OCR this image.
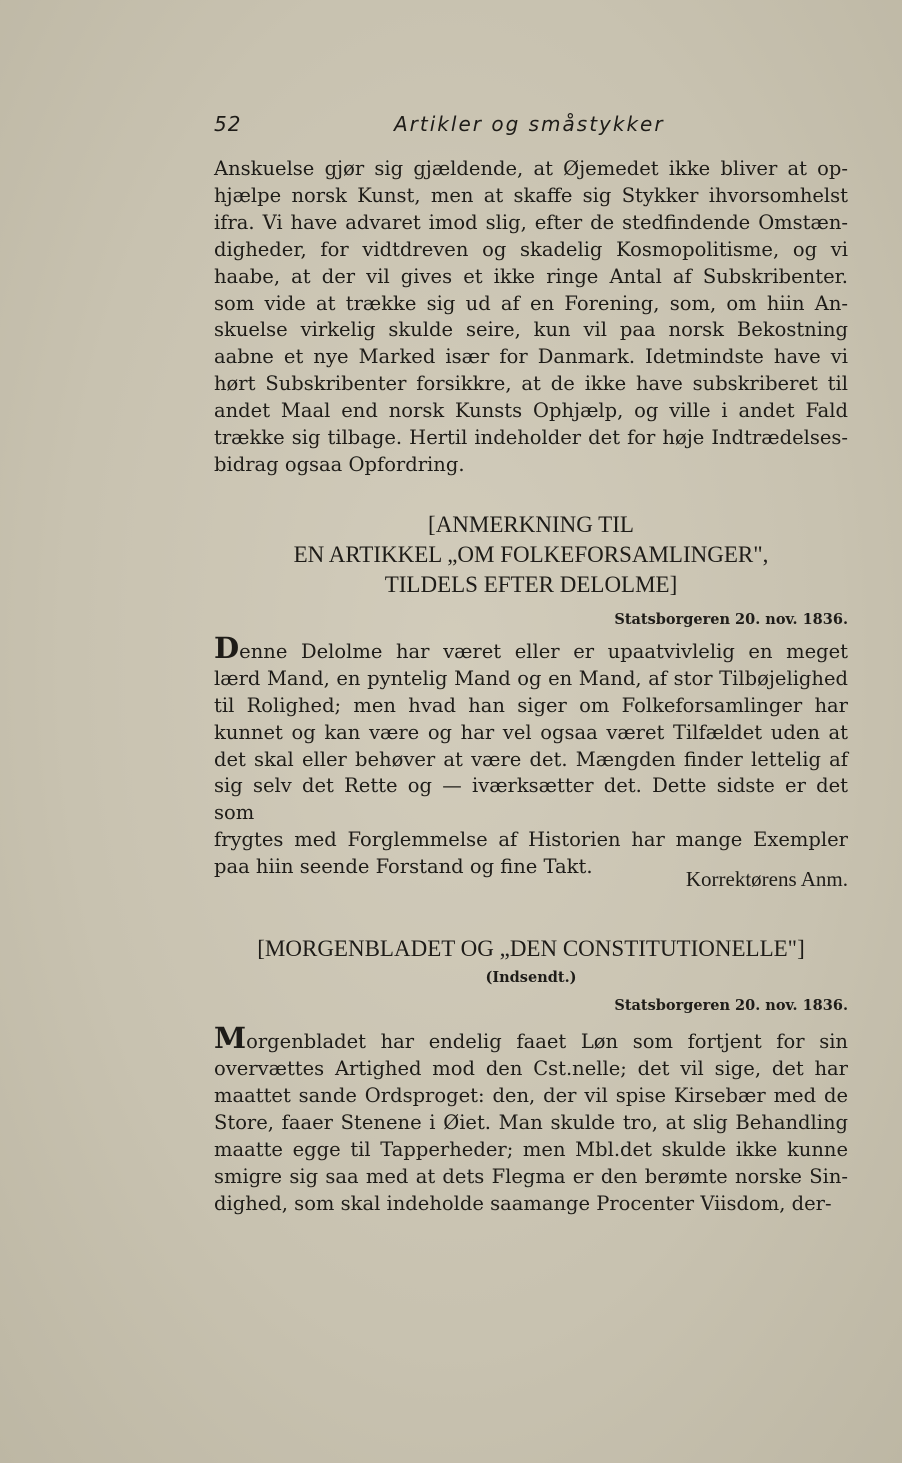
52	Artikler og småstykker
Anskuelse gjør sig gjældende, at Øjemedet ikke bliver at op-
hjælpe norsk Kunst, men at skaffe sig Stykker ihvorsomhelst
ifra. Vi have advaret imod slig, efter de stedfindende Omstæn-
digheder, for vidtdreven og skadelig Kosmopolitisme, og vi
haabe, at der vil gives et ikke ringe Antal af Subskribenter.
som vide at trække sig ud af en Forening, som, om hiin An-
skuelse virkelig skulde seire, kun vil paa norsk Bekostning
aabne et nye Marked især for Danmark. Idetmindste have vi
hørt Subskribenter forsikkre, at de ikke have subskriberet til
andet Maal end norsk Kunsts Ophjælp, og ville i andet Fald
trække sig tilbage. Hertil indeholder det for høje Indtrædelses-
bidrag ogsaa Opfordring.
[ANMERKNING TIL
EN ARTIKKEL „OM FOLKEFORSAMLINGER",
TILDELS EFTER DELOLME]
Statsborgeren 20. nov. 1836.
Denne Delolme har været eller er upaatvivlelig en meget
lærd Mand, en pyntelig Mand og en Mand, af stor Tilbøjelighed
til Rolighed; men hvad han siger om Folkeforsamlinger har
kunnet og kan være og har vel ogsaa været Tilfældet uden at
det skal eller behøver at være det. Mængden finder lettelig af
sig selv det Rette og — iværksætter det. Dette sidste er det som
frygtes med Forglemmelse af Historien har mange Exempler
paa hiin seende Forstand og fine Takt.
Korrektørens Anm.
[MORGENBLADET OG „DEN CONSTITUTIONELLE"]
(Indsendt.)
Statsborgeren 20. nov. 1836.
Morgenbladet har endelig faaet Løn som fortjent for sin
overvættes Artighed mod den Cst.nelle; det vil sige, det har
maattet sande Ordsproget: den, der vil spise Kirsebær med de
Store, faaer Stenene i Øiet. Man skulde tro, at slig Behandling
maatte egge til Tapperheder; men Mbl.det skulde ikke kunne
smigre sig saa med at dets Flegma er den berømte norske Sin-
dighed, som skal indeholde saamange Procenter Viisdom, der-
